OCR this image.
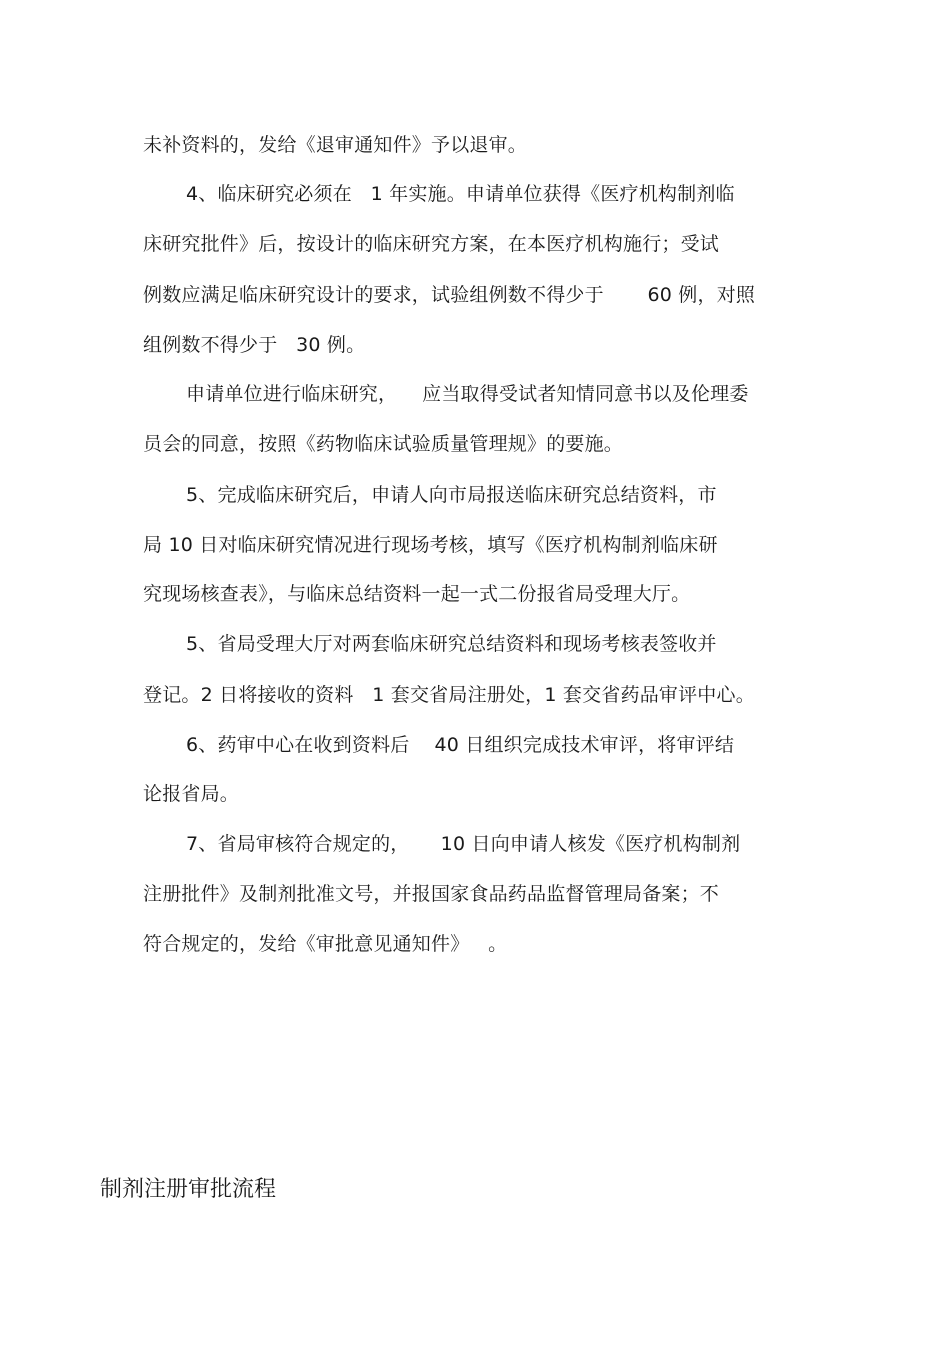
未补资料的，发给《退审通知件》予以退审。
4、临床研究必须在   1 年实施。申请单位获得《医疗机构制剂临
床研究批件》后，按设计的临床研究方案，在本医疗机构施行；受试
例数应满足临床研究设计的要求，试验组例数不得少于       60 例，对照
组例数不得少于   30 例。
申请单位进行临床研究，    应当取得受试者知情同意书以及伦理委
员会的同意，按照《药物临床试验质量管理规》的要施。
5、完成临床研究后，申请人向市局报送临床研究总结资料，市
局 10 日对临床研究情况进行现场考核，填写《医疗机构制剂临床研
究现场核查表》，与临床总结资料一起一式二份报省局受理大厅。
5、省局受理大厅对两套临床研究总结资料和现场考核表签收并
登记。2 日将接收的资料   1 套交省局注册处，1 套交省药品审评中心。
6、药审中心在收到资料后    40 日组织完成技术审评，将审评结
论报省局。
7、省局审核符合规定的，     10 日向申请人核发《医疗机构制剂
注册批件》及制剂批准文号，并报国家食品药品监督管理局备案；不
符合规定的，发给《审批意见通知件》   。
制剂注册审批流程
